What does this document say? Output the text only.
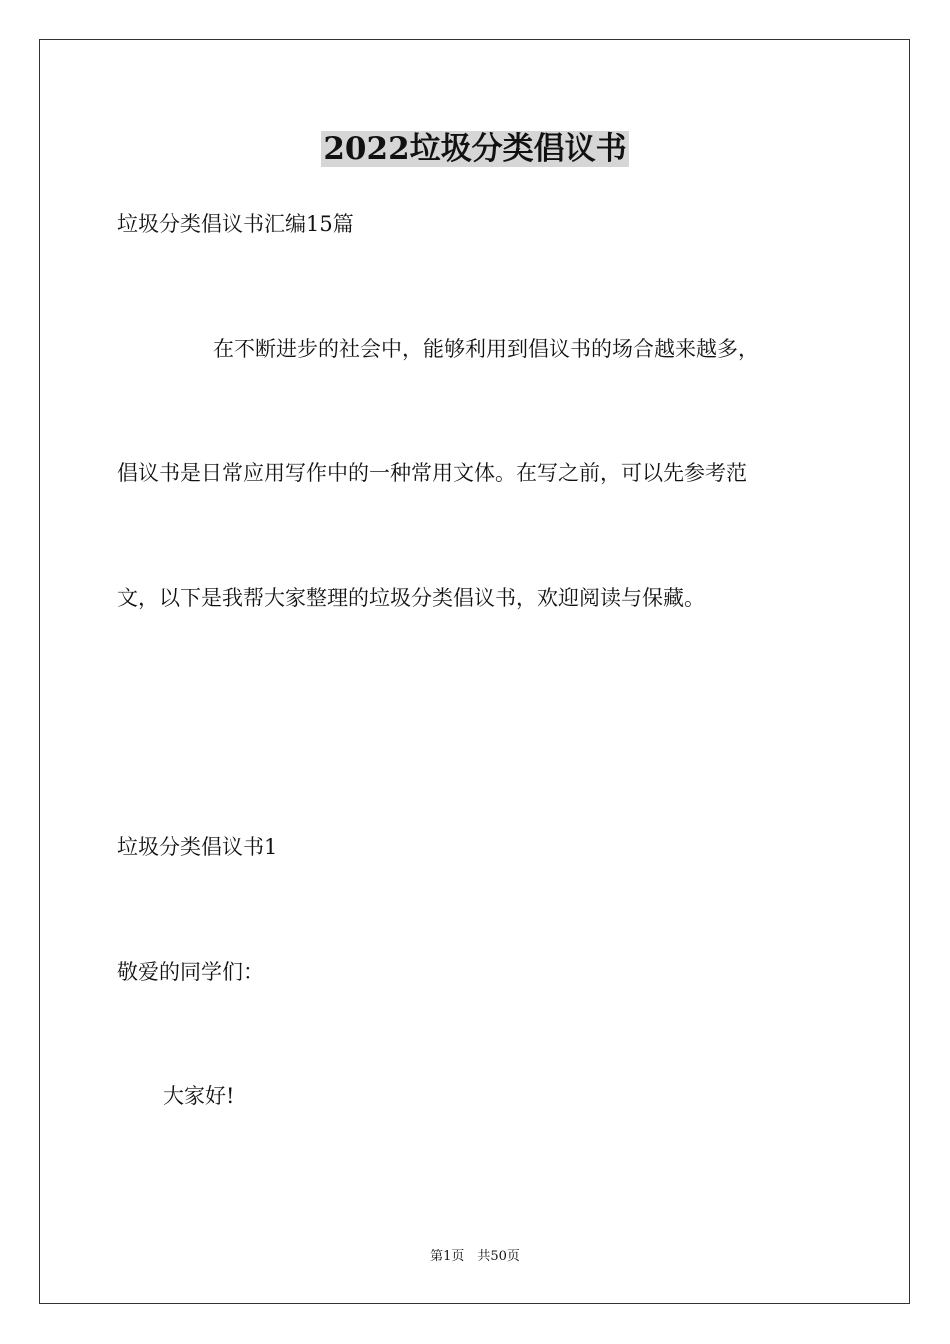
2022垃圾分类倡议书
垃圾分类倡议书汇编15篇
在不断进步的社会中，能够利用到倡议书的场合越来越多，
倡议书是日常应用写作中的一种常用文体。在写之前，可以先参考范
文，以下是我帮大家整理的垃圾分类倡议书，欢迎阅读与保藏。
垃圾分类倡议书1
敬爱的同学们：
大家好!
第1页　共50页
